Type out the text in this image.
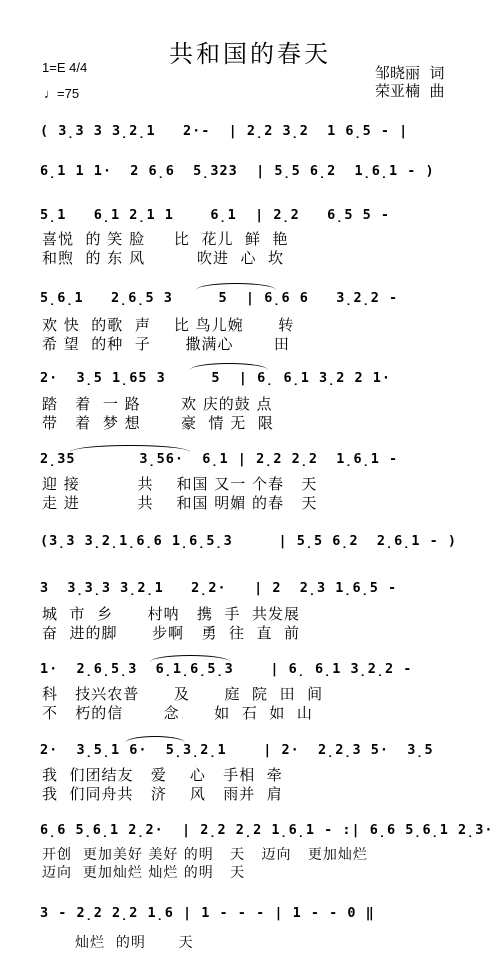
共和国的春天
邹晓丽  词
荣亚楠  曲
1=E 4/4
♩=75
( 3̣3 3 3̣2̣1   2·-  | 2̣2 3̣2  1 6̣5 - |
6̣1 1 1·  2 6̣6  5̣323  | 5̣5 6̣2  1̣6̣1 - )
5̣1   6̣1 2̣1 1    6̣1  | 2̣2   6̣5 5 -
5̣6̣1   2̣6̣5 3     5  | 6̣6 6   3̣2̣2 -
2·  3̣5 1̣65 3     5  | 6̣ 6̣1 3̣2 2 1·
2̣35       3̣56·  6̣1 | 2̣2 2̣2  1̣6̣1 -
(3̣3 3̣2̣1̣6̣6 1̣6̣5̣3     | 5̣5 6̣2  2̣6̣1 - )
3  3̣3̣3 3̣2̣1   2̣2·   | 2  2̣3 1̣6̣5 -
1·  2̣6̣5̣3  6̣1̣6̣5̣3    | 6̣ 6̣1 3̣2̣2 -
2·  3̣5̣1 6·  5̣3̣2̣1    | 2·  2̣2̣3 5·  3̣5
6̣6 5̣6̣1 2̣2·  | 2̣2 2̣2 1̣6̣1 - :| 6̣6 5̣6̣1 2̣3·
3 - 2̣2 2̣2 1̣6 | 1 - - - | 1 - - 0 ‖
喜悦  的 笑 脸     比  花儿  鲜  艳
和煦  的 东 风         吹进  心  坎
欢 快  的歌  声    比 鸟儿婉      转
希 望  的种  子      撒满心       田
踏   着  一 路       欢 庆的鼓 点
带   着  梦 想       豪  情 无  限
迎 接          共    和国 又一 个春   天
走 进          共    和国 明媚 的春   天
城  市  乡      村呐   携  手  共发展
奋  进的脚      步啊   勇  往  直  前
科   技兴农普      及      庭  院  田  间
不   朽的信       念      如  石  如  山
我  们团结友   爱    心   手相  牵
我  们同舟共   济    风   雨并  肩
开创  更加美好 美好 的明   天   迈向   更加灿烂
迈向  更加灿烂 灿烂 的明   天
灿烂  的明      天
